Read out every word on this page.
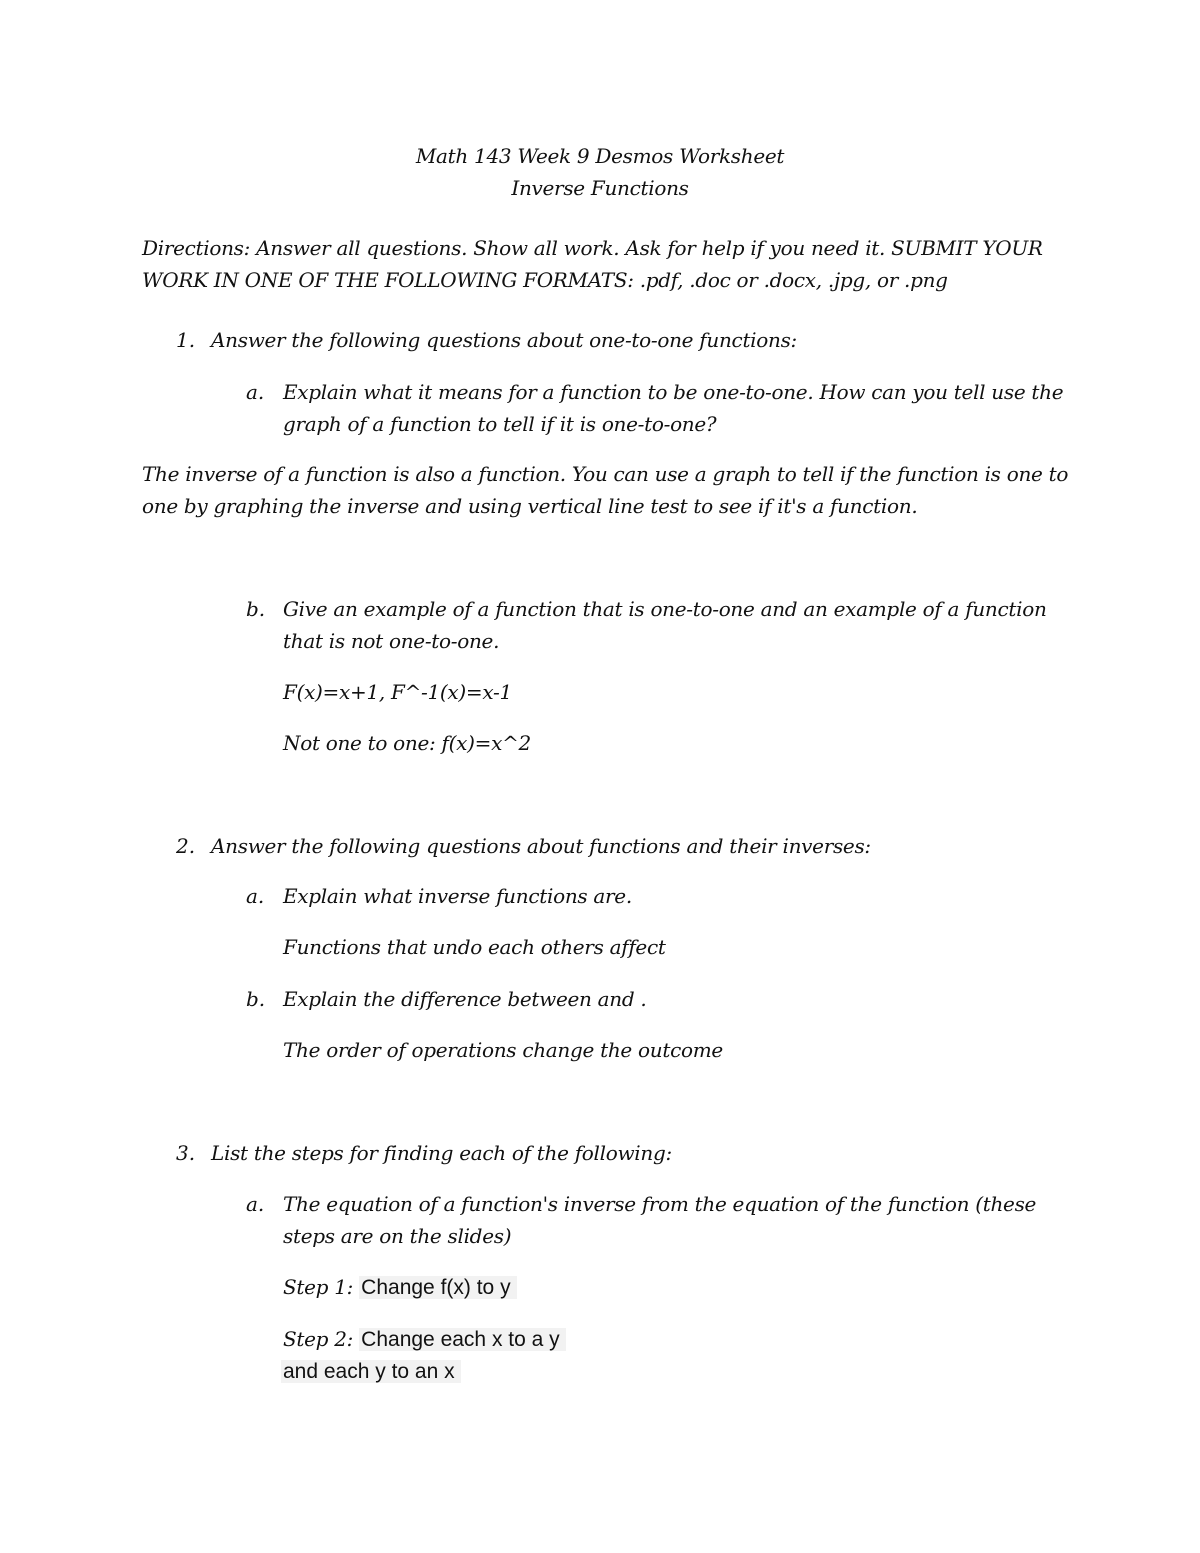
Math 143 Week 9 Desmos Worksheet
Inverse Functions
Directions: Answer all questions. Show all work. Ask for help if you need it. SUBMIT YOUR
WORK IN ONE OF THE FOLLOWING FORMATS: .pdf, .doc or .docx, .jpg, or .png
1. Answer the following questions about one-to-one functions:
a. Explain what it means for a function to be one-to-one. How can you tell use the
graph of a function to tell if it is one-to-one?
The inverse of a function is also a function. You can use a graph to tell if the function is one to
one by graphing the inverse and using vertical line test to see if it's a function.
b. Give an example of a function that is one-to-one and an example of a function
that is not one-to-one.
F(x)=x+1, F^-1(x)=x-1
Not one to one: f(x)=x^2
2. Answer the following questions about functions and their inverses:
a. Explain what inverse functions are.
Functions that undo each others affect
b. Explain the difference between and .
The order of operations change the outcome
3. List the steps for finding each of the following:
a. The equation of a function's inverse from the equation of the function (these
steps are on the slides)
Step 1: Change f(x) to y
Step 2: Change each x to a y
and each y to an x
